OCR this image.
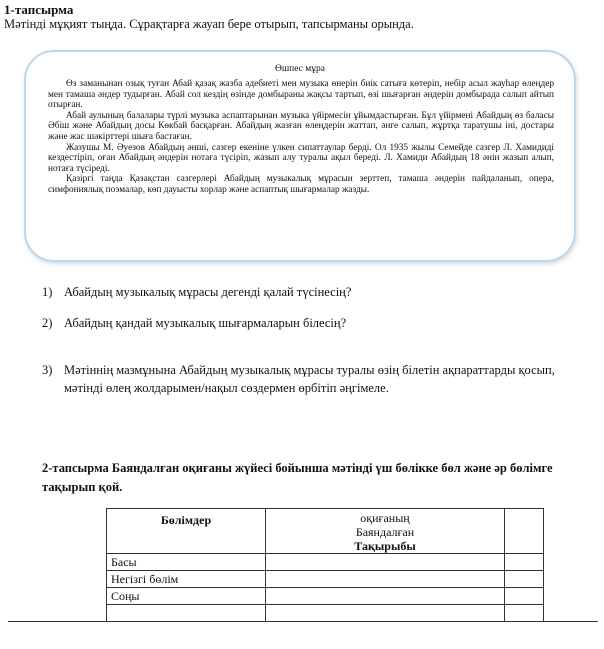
1-тапсырма
Мәтінді мұқият тыңда. Сұрақтарға жауап бере отырып, тапсырманы орында.
Өшпес мұра

Өз заманынан озық туған Абай қазақ жазба әдебиеті мен музыка өнерін биік сатыға көтеріп, небір асыл жауһар өлеңдер мен тамаша әндер тудырған. Абай сол кездің өзінде домбыраны жақсы тартып, өзі шығарған әндерін домбырада салып айтып отырған.

Абай аулының балалары түрлі музыка аспаптарынан музыка үйірмесін ұйымдастырған. Бұл үйірмені Абайдың өз баласы Әбіш және Абайдың досы Көкбай басқарған. Абайдың жазған өлеңдерін жаттап, әнге салып, жұртқа таратушы іні, достары және жас шәкірттері шыға бастаған.

Жазушы М. Әуезов Абайдың әнші, сазгер екеніне үлкен сипаттаулар берді. Ол 1935 жылы Семейде сазгер Л. Хамидиді кездестіріп, оған Абайдың әндерін нотаға түсіріп, жазып алу туралы ақыл береді. Л. Хамиди Абайдың 18 әнін жазып алып, нотаға түсіреді.

Қазіргі таңда Қазақстан сазгерлері Абайдың музыкалық мұрасын зерттеп, тамаша әндерін пайдаланып, опера, симфониялық поэмалар, көп дауысты хорлар және аспаптық шығармалар жазды.

1) Абайдың музыкалық мұрасы дегенді қалай түсінесің?
2) Абайдың қандай музыкалық шығармаларын білесің?
3) Мәтіннің мазмұнына Абайдың музыкалық мұрасы туралы өзің білетін ақпараттарды қосып, мәтінді өлең жолдарымен/нақыл сөздермен өрбітіп әңгімеле.
2-тапсырма Баяндалған оқиғаны жүйесі бойынша мәтінді үш бөлікке бөл және әр бөлімге тақырып қой.
Бөлімдер	оқиғаның
Баяндалған
Тақырыбы	

Басы		
Негізгі бөлім		
Соңы		
